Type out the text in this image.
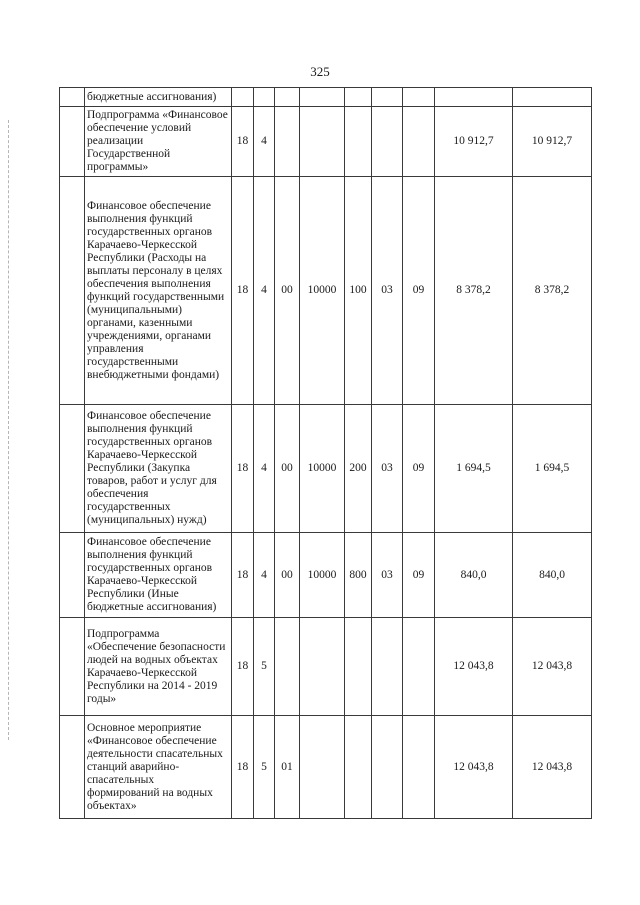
325
	бюджетные ассигнования)									
	Подпрограмма «Финансовое обеспечение условий реализации Государственной программы»	18	4						10 912,7	10 912,7
	Финансовое обеспечение выполнения функций государственных органов Карачаево-Черкесской Республики (Расходы на выплаты персоналу в целях обеспечения выполнения функций государственными (муниципальными) органами, казенными учреждениями, органами управления государственными внебюджетными фондами)	18	4	00	10000	100	03	09	8 378,2	8 378,2
	Финансовое обеспечение выполнения функций государственных органов Карачаево-Черкесской Республики (Закупка товаров, работ и услуг для обеспечения государственных (муниципальных) нужд)	18	4	00	10000	200	03	09	1 694,5	1 694,5
	Финансовое обеспечение выполнения функций государственных органов Карачаево-Черкесской Республики (Иные бюджетные ассигнования)	18	4	00	10000	800	03	09	840,0	840,0
	Подпрограмма «Обеспечение безопасности людей на водных объектах Карачаево-Черкесской Республики на 2014 - 2019 годы»	18	5						12 043,8	12 043,8
	Основное мероприятие «Финансовое обеспечение деятельности спасательных станций аварийно-спасательных формирований на водных объектах»	18	5	01					12 043,8	12 043,8
